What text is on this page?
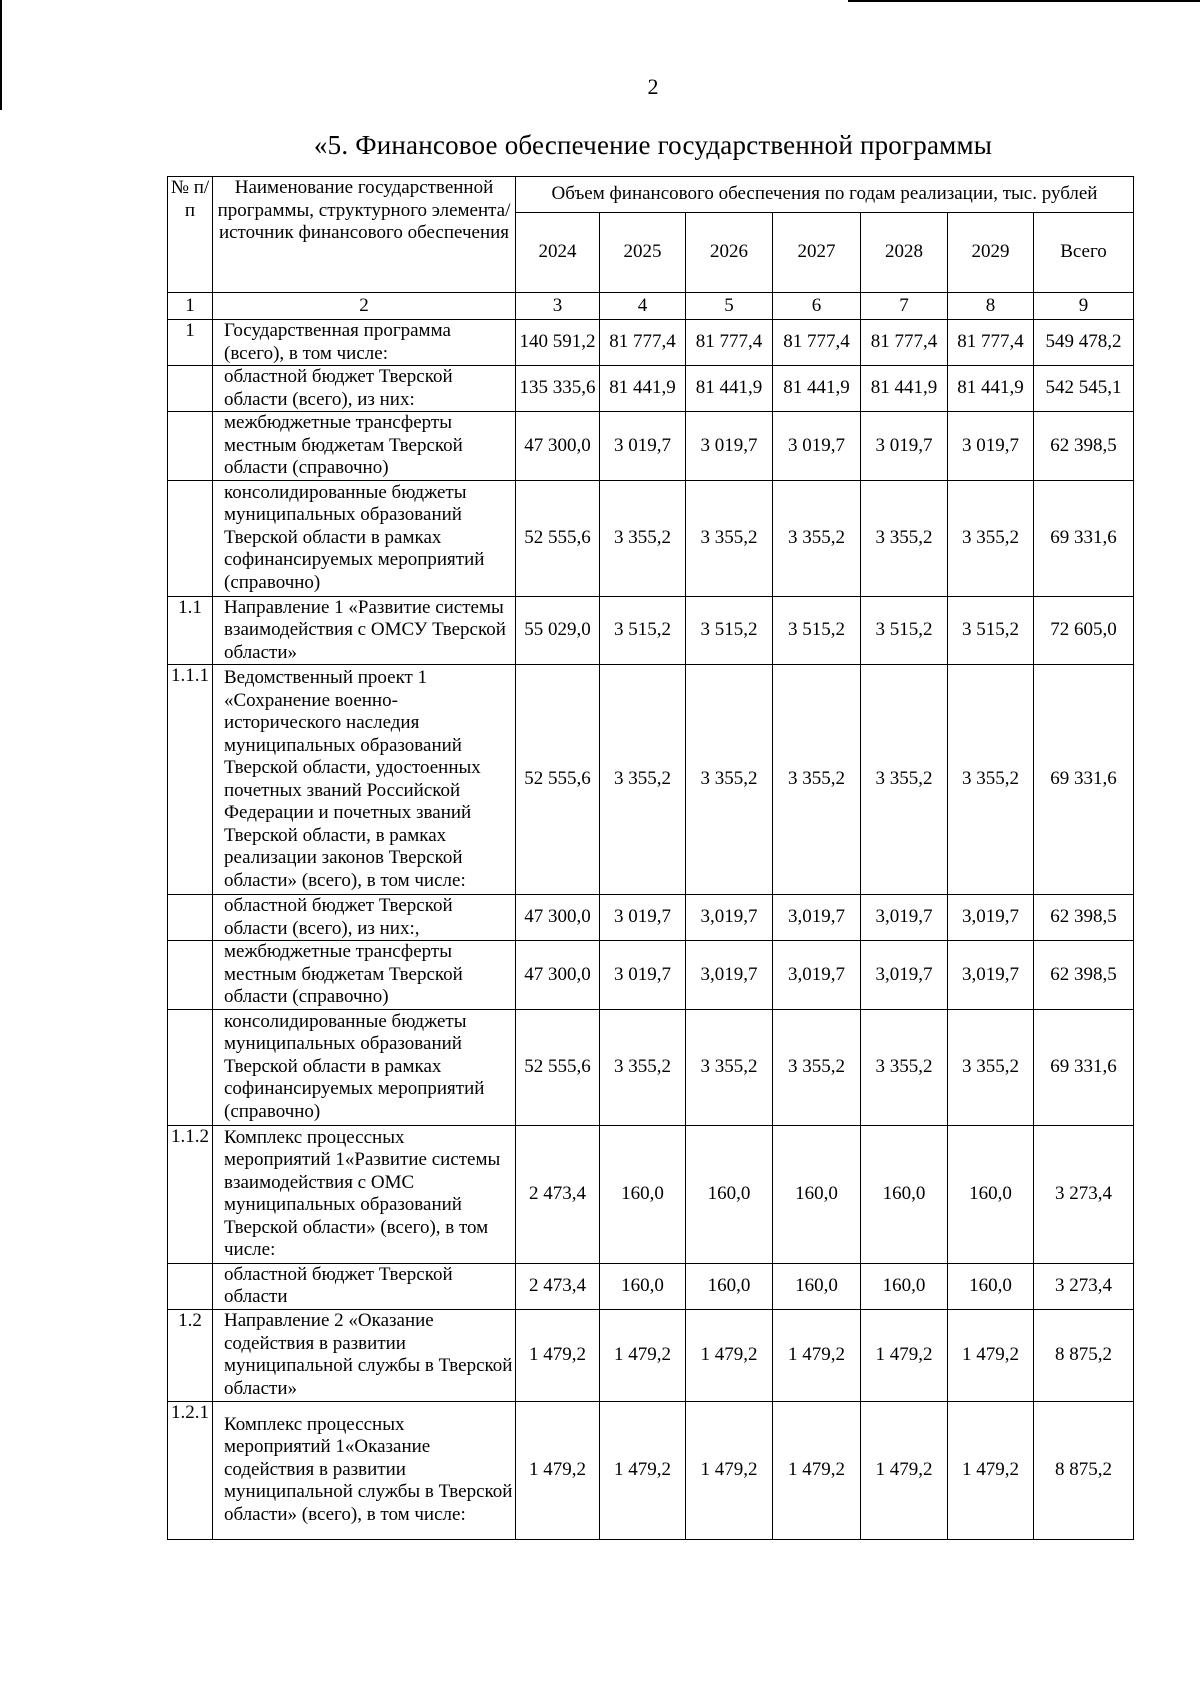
2
«5. Финансовое обеспечение государственной программы
№ п/п	Наименование государственной программы, структурного элемента/ источник финансового обеспечения	Объем финансового обеспечения по годам реализации, тыс. рублей						
		2024	2025	2026	2027	2028	2029	Всего
1	2	3	4	5	6	7	8	9
1	Государственная программа (всего), в том числе:	140 591,2	81 777,4	81 777,4	81 777,4	81 777,4	81 777,4	549 478,2
	областной бюджет Тверской области (всего), из них:	135 335,6	81 441,9	81 441,9	81 441,9	81 441,9	81 441,9	542 545,1
	межбюджетные трансферты местным бюджетам Тверской области (справочно)	47 300,0	3 019,7	3 019,7	3 019,7	3 019,7	3 019,7	62 398,5
	консолидированные бюджеты муниципальных образований Тверской области в рамках софинансируемых мероприятий (справочно)	52 555,6	3 355,2	3 355,2	3 355,2	3 355,2	3 355,2	69 331,6
1.1	Направление 1 «Развитие системы взаимодействия с ОМСУ Тверской области»	55 029,0	3 515,2	3 515,2	3 515,2	3 515,2	3 515,2	72 605,0
1.1.1	Ведомственный проект 1 «Сохранение военно-исторического наследия муниципальных образований Тверской области, удостоенных почетных званий Российской Федерации и почетных званий Тверской области, в рамках реализации законов Тверской области» (всего), в том числе:	52 555,6	3 355,2	3 355,2	3 355,2	3 355,2	3 355,2	69 331,6
	областной бюджет Тверской области (всего), из них:,	47 300,0	3 019,7	3,019,7	3,019,7	3,019,7	3,019,7	62 398,5
	межбюджетные трансферты местным бюджетам Тверской области (справочно)	47 300,0	3 019,7	3,019,7	3,019,7	3,019,7	3,019,7	62 398,5
	консолидированные бюджеты муниципальных образований Тверской области в рамках софинансируемых мероприятий (справочно)	52 555,6	3 355,2	3 355,2	3 355,2	3 355,2	3 355,2	69 331,6
1.1.2	Комплекс процессных мероприятий 1«Развитие системы взаимодействия с ОМС муниципальных образований Тверской области» (всего), в том числе:	2 473,4	160,0	160,0	160,0	160,0	160,0	3 273,4
	областной бюджет Тверской области	2 473,4	160,0	160,0	160,0	160,0	160,0	3 273,4
1.2	Направление 2 «Оказание содействия в развитии муниципальной службы в Тверской области»	1 479,2	1 479,2	1 479,2	1 479,2	1 479,2	1 479,2	8 875,2
1.2.1	Комплекс процессных мероприятий 1«Оказание содействия в развитии муниципальной службы в Тверской области» (всего), в том числе:	1 479,2	1 479,2	1 479,2	1 479,2	1 479,2	1 479,2	8 875,2
